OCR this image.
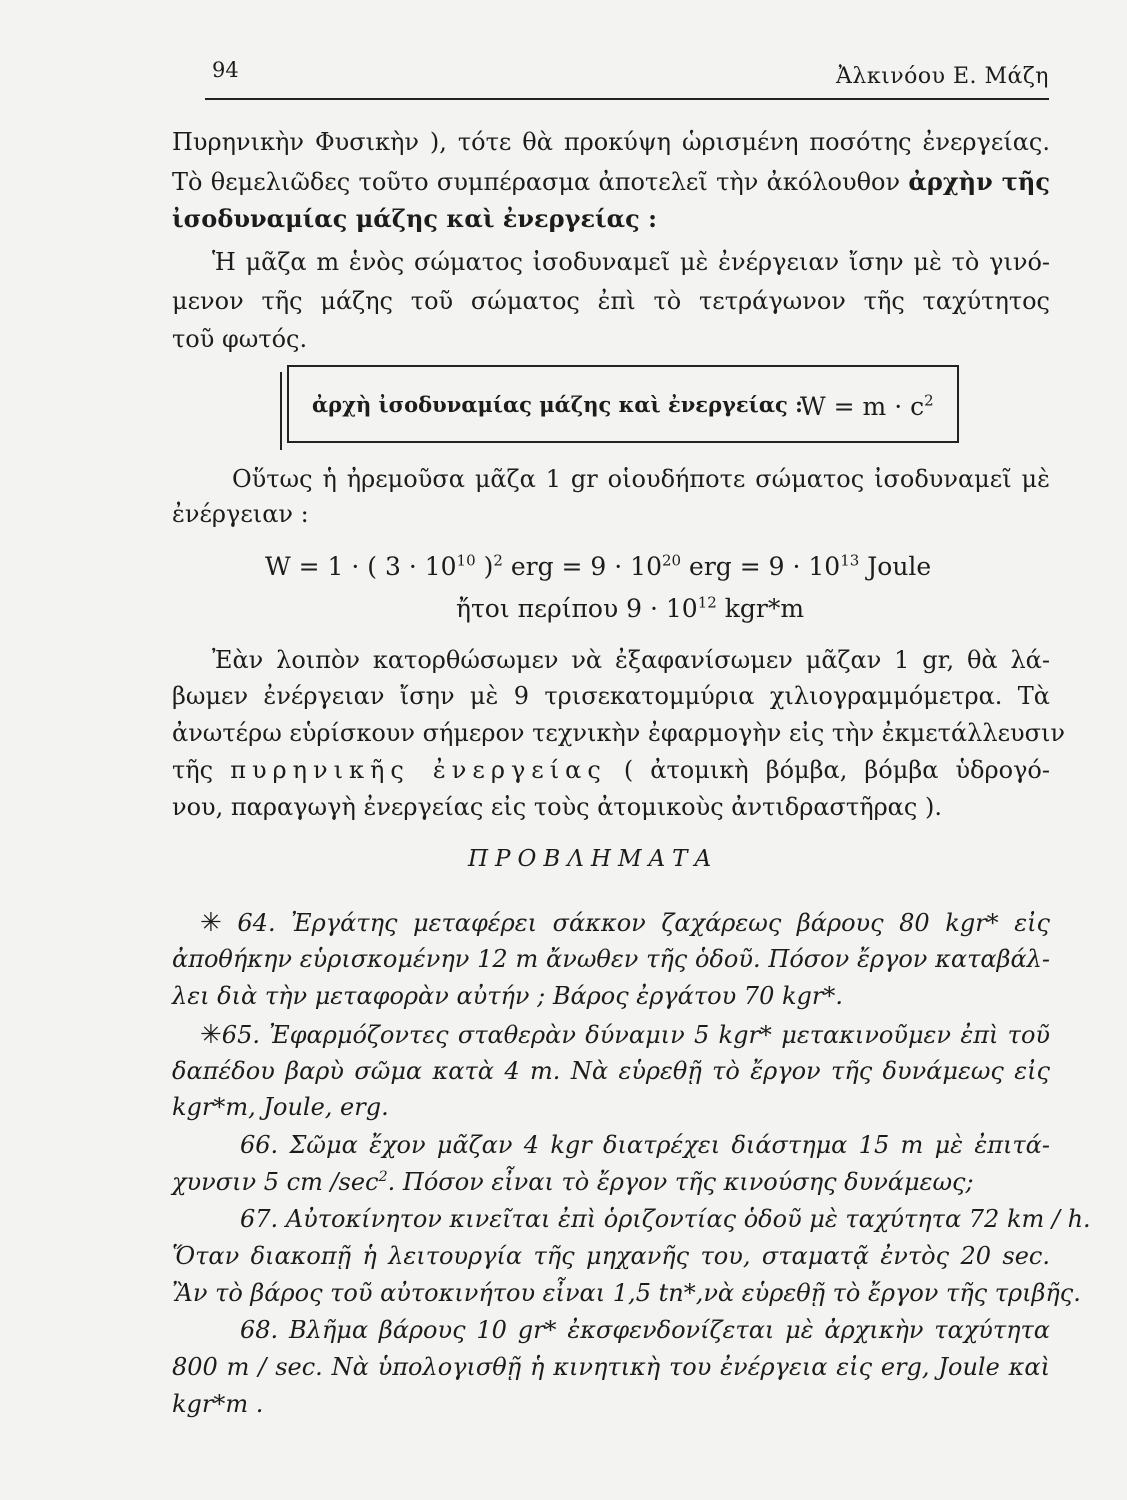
94	Ἀλκινόου Ε. Μάζη
Πυρηνικὴν Φυσικὴν ), τότε θὰ προκύψη ὡρισμένη ποσότης ἐνεργείας.
Τὸ θεμελιῶδες τοῦτο συμπέρασμα ἀποτελεῖ τὴν ἀκόλουθον ἀρχὴν τῆς
ἰσοδυναμίας μάζης καὶ ἐνεργείας :
Ἡ μᾶζα m ἑνὸς σώματος ἰσοδυναμεῖ μὲ ἐνέργειαν ἴσην μὲ τὸ γινό-
μενον τῆς μάζης τοῦ σώματος ἐπὶ τὸ τετράγωνον τῆς ταχύτητος
τοῦ φωτός.
ἀρχὴ ἰσοδυναμίας μάζης καὶ ἐνεργείας :
$W = m \cdot c^2$
Οὕτως ἡ ἠρεμοῦσα μᾶζα 1 gr οἱουδήποτε σώματος ἰσοδυναμεῖ μὲ
ἐνέργειαν :
W = 1 · ( $3 \cdot 10^{10}$ )$^2$ erg = $9 \cdot 10^{20}$ erg = $9 \cdot 10^{13}$ Joule
ἤτοι περίπου $9 \cdot 10^{12}$ kgr*m
Ἐὰν λοιπὸν κατορθώσωμεν νὰ ἐξαφανίσωμεν μᾶζαν 1 gr, θὰ λά-
βωμεν ἐνέργειαν ἴσην μὲ 9 τρισεκατομμύρια χιλιογραμμόμετρα. Τὰ
ἀνωτέρω εὑρίσκουν σήμερον τεχνικὴν ἐφαρμογὴν εἰς τὴν ἐκμετάλλευσιν
τῆς πυρηνικῆς ἐνεργείας ( ἀτομικὴ βόμβα, βόμβα ὑδρογό-
νου, παραγωγὴ ἐνεργείας εἰς τοὺς ἀτομικοὺς ἀντιδραστῆρας ).
ΠΡΟΒΛΗΜΑΤΑ
✳ 64. Ἐργάτης μεταφέρει σάκκον ζαχάρεως βάρους 80 kgr* εἰς
ἀποθήκην εὑρισκομένην 12 m ἄνωθεν τῆς ὁδοῦ. Πόσον ἔργον καταβάλ-
λει διὰ τὴν μεταφορὰν αὐτήν ; Βάρος ἐργάτου 70 kgr*.
✳65. Ἐφαρμόζοντες σταθερὰν δύναμιν 5 kgr* μετακινοῦμεν ἐπὶ τοῦ
δαπέδου βαρὺ σῶμα κατὰ 4 m. Νὰ εὑρεθῇ τὸ ἔργον τῆς δυνάμεως εἰς
kgr*m, Joule, erg.
66. Σῶμα ἔχον μᾶζαν 4 kgr διατρέχει διάστημα 15 m μὲ ἐπιτά-
χυνσιν 5 cm $/\sec^2$. Πόσον εἶναι τὸ ἔργον τῆς κινούσης δυνάμεως;
67. Αὐτοκίνητον κινεῖται ἐπὶ ὁριζοντίας ὁδοῦ μὲ ταχύτητα 72 km / h.
Ὅταν διακοπῇ ἡ λειτουργία τῆς μηχανῆς του, σταματᾷ ἐντὸς 20 sec.
Ἂν τὸ βάρος τοῦ αὐτοκινήτου εἶναι 1,5 tn*,νὰ εὑρεθῇ τὸ ἔργον τῆς τριβῆς.
68. Βλῆμα βάρους 10 gr* ἐκσφενδονίζεται μὲ ἀρχικὴν ταχύτητα
800 m / sec. Νὰ ὑπολογισθῇ ἡ κινητικὴ του ἐνέργεια εἰς erg, Joule καὶ
kgr*m .
